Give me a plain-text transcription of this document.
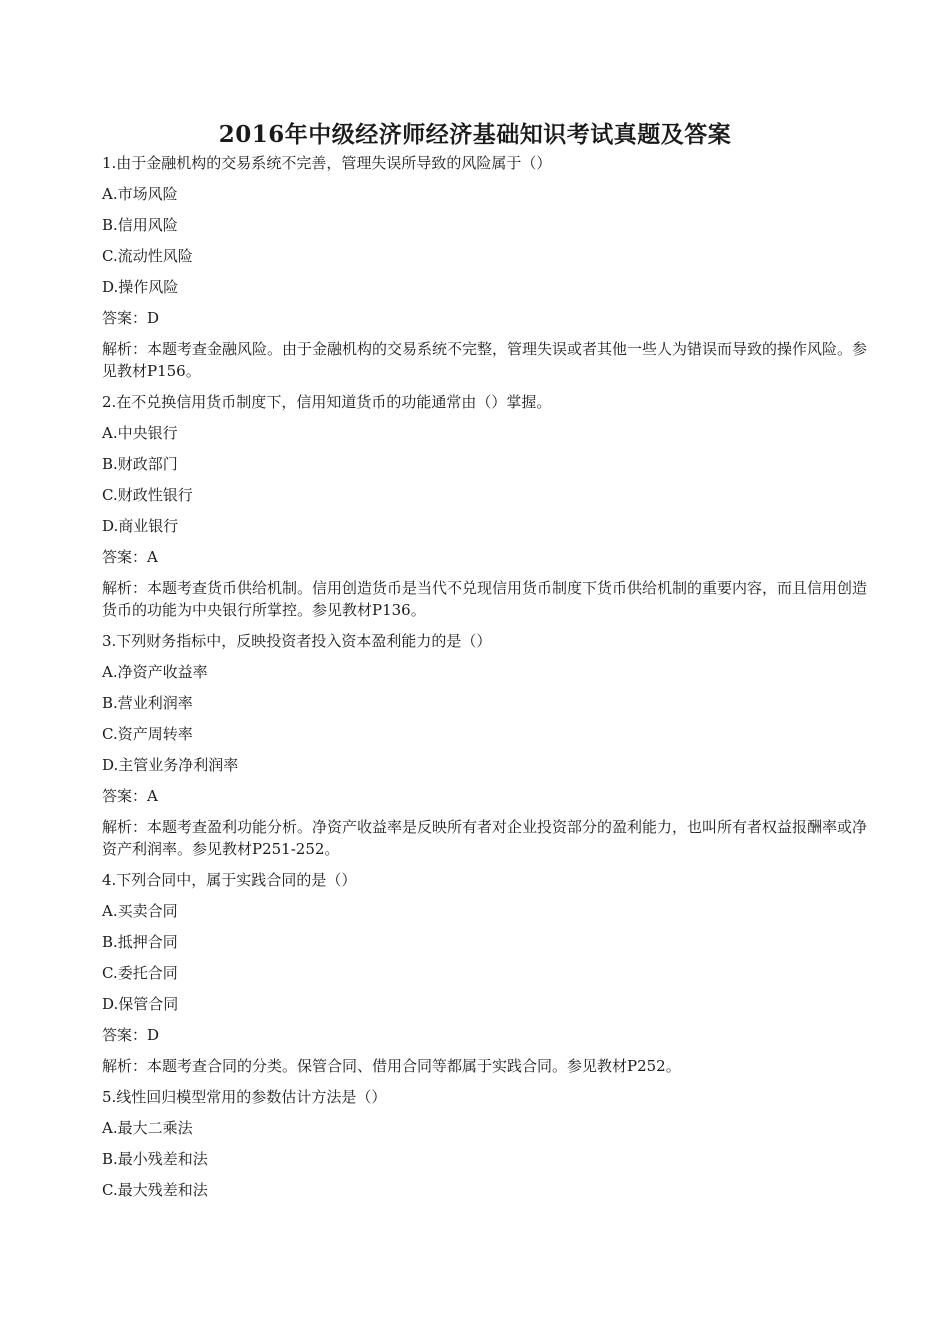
2016年中级经济师经济基础知识考试真题及答案
1.由于金融机构的交易系统不完善，管理失误所导致的风险属于（）
A.市场风险
B.信用风险
C.流动性风险
D.操作风险
答案：D
解析：本题考查金融风险。由于金融机构的交易系统不完整，管理失误或者其他一些人为错误而导致的操作风险。参见教材P156。
2.在不兑换信用货币制度下，信用知道货币的功能通常由（）掌握。
A.中央银行
B.财政部门
C.财政性银行
D.商业银行
答案：A
解析：本题考查货币供给机制。信用创造货币是当代不兑现信用货币制度下货币供给机制的重要内容，而且信用创造货币的功能为中央银行所掌控。参见教材P136。
3.下列财务指标中，反映投资者投入资本盈利能力的是（）
A.净资产收益率
B.营业利润率
C.资产周转率
D.主管业务净利润率
答案：A
解析：本题考查盈利功能分析。净资产收益率是反映所有者对企业投资部分的盈利能力，也叫所有者权益报酬率或净资产利润率。参见教材P251-252。
4.下列合同中，属于实践合同的是（）
A.买卖合同
B.抵押合同
C.委托合同
D.保管合同
答案：D
解析：本题考查合同的分类。保管合同、借用合同等都属于实践合同。参见教材P252。
5.线性回归模型常用的参数估计方法是（）
A.最大二乘法
B.最小残差和法
C.最大残差和法
